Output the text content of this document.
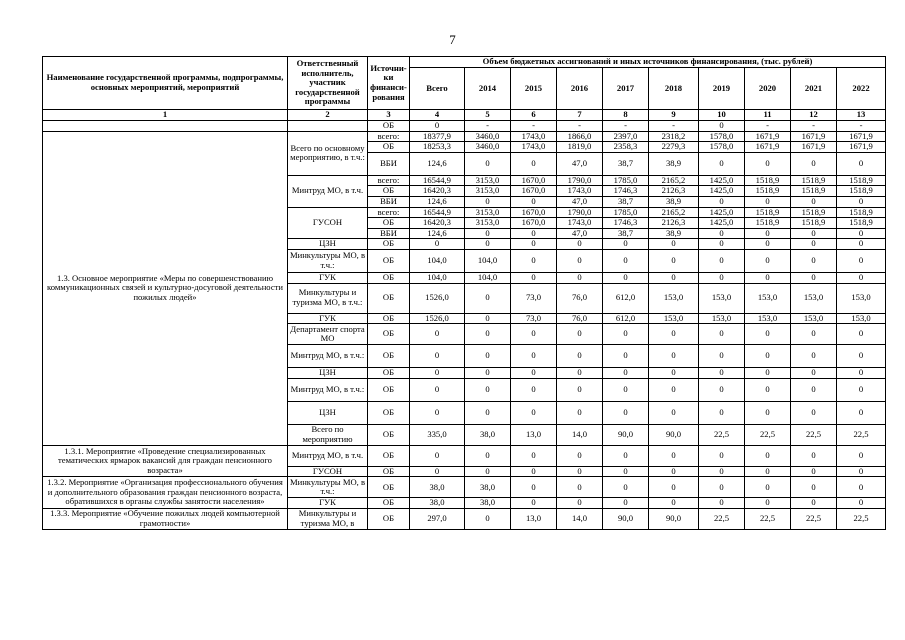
7
Наименование государственной программы, подпрограммы, основных мероприятий, мероприятий	Ответственный исполнитель, участник государственной программы	Источни-ки финанси-рования	Объем бюджетных ассигнований и иных источников финансирования, (тыс. рублей)									
			Всего	2014	2015	2016	2017	2018	2019	2020	2021	2022
1	2	3	4	5	6	7	8	9	10	11	12	13
		ОБ	0	-	-	-	-	-	0	-	-	-
1.3. Основное мероприятие «Меры по совершенствованию коммуникационных связей и культурно-досуговой деятельности пожилых людей»	Всего по основному мероприятию, в т.ч.:	всего:	18377,9	3460,0	1743,0	1866,0	2397,0	2318,2	1578,0	1671,9	1671,9	1671,9
		ОБ	18253,3	3460,0	1743,0	1819,0	2358,3	2279,3	1578,0	1671,9	1671,9	1671,9
		ВБИ	124,6	0	0	47,0	38,7	38,9	0	0	0	0
	Минтруд МО, в т.ч.	всего:	16544,9	3153,0	1670,0	1790,0	1785,0	2165,2	1425,0	1518,9	1518,9	1518,9
		ОБ	16420,3	3153,0	1670,0	1743,0	1746,3	2126,3	1425,0	1518,9	1518,9	1518,9
		ВБИ	124,6	0	0	47,0	38,7	38,9	0	0	0	0
	ГУСОН	всего:	16544,9	3153,0	1670,0	1790,0	1785,0	2165,2	1425,0	1518,9	1518,9	1518,9
		ОБ	16420,3	3153,0	1670,0	1743,0	1746,3	2126,3	1425,0	1518,9	1518,9	1518,9
		ВБИ	124,6	0	0	47,0	38,7	38,9	0	0	0	0
	ЦЗН	ОБ	0	0	0	0	0	0	0	0	0	0
	Минкультуры МО, в т.ч.:	ОБ	104,0	104,0	0	0	0	0	0	0	0	0
	ГУК	ОБ	104,0	104,0	0	0	0	0	0	0	0	0
	Минкультуры и туризма МО, в т.ч.:	ОБ	1526,0	0	73,0	76,0	612,0	153,0	153,0	153,0	153,0	153,0
	ГУК	ОБ	1526,0	0	73,0	76,0	612,0	153,0	153,0	153,0	153,0	153,0
	Департамент спорта МО	ОБ	0	0	0	0	0	0	0	0	0	0
	Минтруд МО, в т.ч.:	ОБ	0	0	0	0	0	0	0	0	0	0
	ЦЗН	ОБ	0	0	0	0	0	0	0	0	0	0
	Минтруд МО, в т.ч.:	ОБ	0	0	0	0	0	0	0	0	0	0
	ЦЗН	ОБ	0	0	0	0	0	0	0	0	0	0
	Всего по мероприятию	ОБ	335,0	38,0	13,0	14,0	90,0	90,0	22,5	22,5	22,5	22,5
1.3.1. Мероприятие «Проведение специализированных тематических ярмарок вакансий для граждан пенсионного возраста»	Минтруд МО, в т.ч.	ОБ	0	0	0	0	0	0	0	0	0	0
	ГУСОН	ОБ	0	0	0	0	0	0	0	0	0	0
1.3.2. Мероприятие «Организация профессионального обучения и дополнительного образования граждан пенсионного возраста, обратившихся в органы службы занятости населения»	Минкультуры МО, в т.ч.:	ОБ	38,0	38,0	0	0	0	0	0	0	0	0
	ГУК	ОБ	38,0	38,0	0	0	0	0	0	0	0	0
1.3.3. Мероприятие «Обучение пожилых людей компьютерной грамотности»	Минкультуры и туризма МО, в	ОБ	297,0	0	13,0	14,0	90,0	90,0	22,5	22,5	22,5	22,5
